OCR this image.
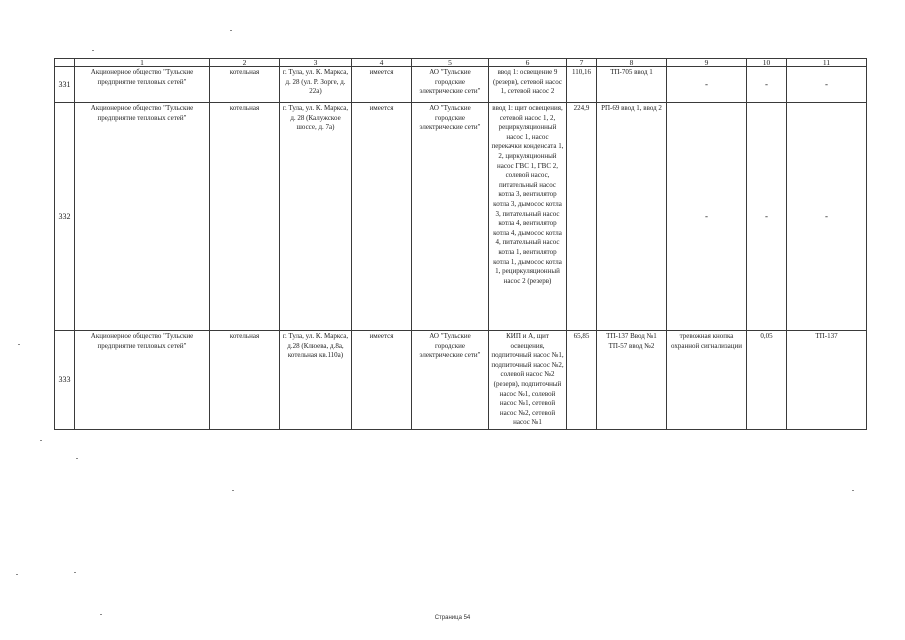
	1	2	3	4	5	6	7	8	9	10	11
331	Акционерное общество "Тульские предприятие тепловых сетей"	котельная	г. Тула, ул. К. Маркса, д. 28 (ул. Р. Зорге, д. 22а)	имеется	АО "Тульские городские электрические сети"	ввод 1: освещение 9 (резерв), сетевой насос 1, сетевой насос 2	110,16	ТП-705 ввод 1	-	-	-
332	Акционерное общество "Тульские предприятие тепловых сетей"	котельная	г. Тула, ул. К. Маркса, д. 28 (Калужское шоссе, д. 7а)	имеется	АО "Тульские городские электрические сети"	ввод 1: щит освещения, сетевой насос 1, 2, рециркуляционный насос 1, насос перекачки конденсата 1, 2, циркуляционный насос ГВС 1, ГВС 2, солевой насос, питательный насос котла 3, вентилятор котла 3, дымосос котла 3, питательный насос котла 4, вентилятор котла 4, дымосос котла 4, питательный насос котла 1, вентилятор котла 1, дымосос котла 1, рециркуляционный насос 2 (резерв)	224,9	РП-69 ввод 1, ввод 2	-	-	-
333	Акционерное общество "Тульские предприятие тепловых сетей"	котельная	г. Тула, ул. К. Маркса, д.28 (Клюева, д.8а, котельная кв.110а)	имеется	АО "Тульские городские электрические сети"	КИП и А, щит освещения, подпиточный насос №1, подпиточный насос №2, солевой насос №2 (резерв), подпиточный насос №1, солевой насос №1, сетевой насос №2, сетевой насос №1	65,85	ТП-137 Ввод №1 ТП-57 ввод №2	тревожная кнопка охранной сигнализации	0,05	ТП-137
Страница 54
